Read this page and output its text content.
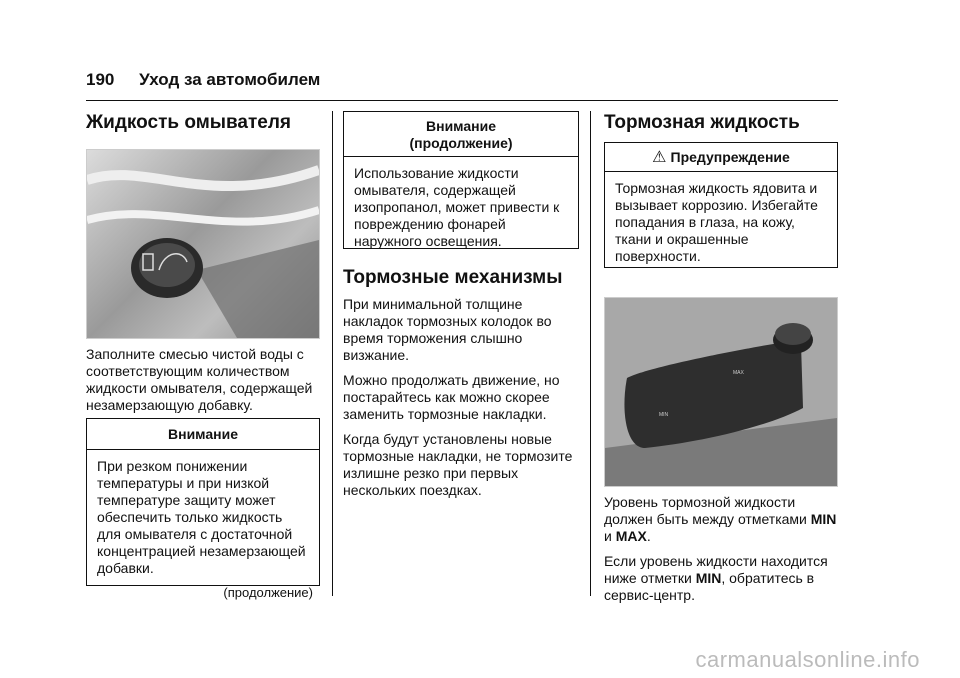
190 Уход за автомобилем
Жидкость омывателя

Заполните смесью чистой воды с соответствующим количеством жидкости омывателя, содержащей незамерзающую добавку.

Внимание
При резком понижении температуры и при низкой температуре защиту может обеспечить только жидкость для омывателя с достаточной концентрацией незамерзающей добавки.
(продолжение)
Внимание (продолжение)
Использование жидкости омывателя, содержащей изопропанол, может привести к повреждению фонарей наружного освещения.
Тормозные механизмы

При минимальной толщине накладок тормозных колодок во время торможения слышно визжание.

Можно продолжать движение, но постарайтесь как можно скорее заменить тормозные накладки.

Когда будут установлены новые тормозные накладки, не тормозите излишне резко при первых нескольких поездках.

Тормозная жидкость
⚠ Предупреждение
Тормозная жидкость ядовита и вызывает коррозию. Избегайте попадания в глаза, на кожу, ткани и окрашенные поверхности.
MAX
MIN

Уровень тормозной жидкости должен быть между отметками MIN и MAX.

Если уровень жидкости находится ниже отметки MIN, обратитесь в сервис-центр.

carmanualsonline.info
